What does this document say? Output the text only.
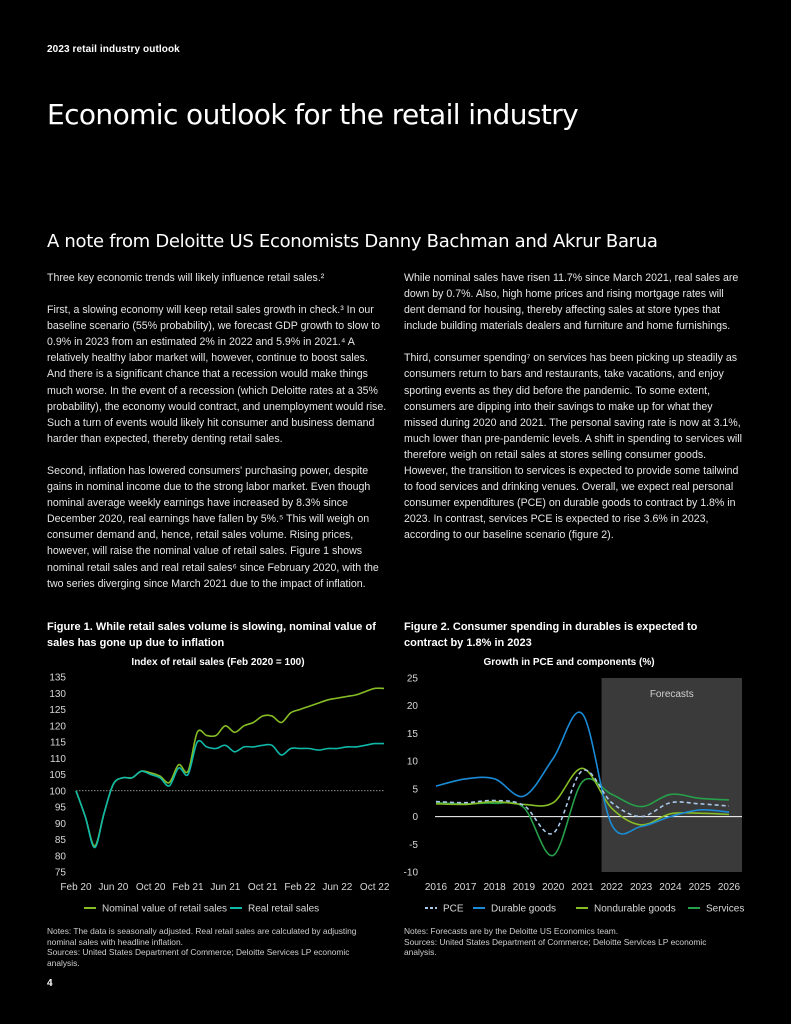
2023 retail industry outlook
Economic outlook for the retail industry
A note from Deloitte US Economists Danny Bachman and Akrur Barua

Three key economic trends will likely influence retail sales.²

First, a slowing economy will keep retail sales growth in check.³ In our baseline scenario (55% probability), we forecast GDP growth to slow to 0.9% in 2023 from an estimated 2% in 2022 and 5.9% in 2021.⁴ A relatively healthy labor market will, however, continue to boost sales. And there is a significant chance that a recession would make things much worse. In the event of a recession (which Deloitte rates at a 35% probability), the economy would contract, and unemployment would rise. Such a turn of events would likely hit consumer and business demand harder than expected, thereby denting retail sales.

Second, inflation has lowered consumers' purchasing power, despite gains in nominal income due to the strong labor market. Even though nominal average weekly earnings have increased by 8.3% since December 2020, real earnings have fallen by 5%.⁵ This will weigh on consumer demand and, hence, retail sales volume. Rising prices, however, will raise the nominal value of retail sales. Figure 1 shows nominal retail sales and real retail sales⁶ since February 2020, with the two series diverging since March 2021 due to the impact of inflation.

While nominal sales have risen 11.7% since March 2021, real sales are down by 0.7%. Also, high home prices and rising mortgage rates will dent demand for housing, thereby affecting sales at store types that include building materials dealers and furniture and home furnishings.

Third, consumer spending⁷ on services has been picking up steadily as consumers return to bars and restaurants, take vacations, and enjoy sporting events as they did before the pandemic. To some extent, consumers are dipping into their savings to make up for what they missed during 2020 and 2021. The personal saving rate is now at 3.1%, much lower than pre-pandemic levels. A shift in spending to services will therefore weigh on retail sales at stores selling consumer goods. However, the transition to services is expected to provide some tailwind to food services and drinking venues. Overall, we expect real personal consumer expenditures (PCE) on durable goods to contract by 1.8% in 2023. In contrast, services PCE is expected to rise 3.6% in 2023, according to our baseline scenario (figure 2).

Figure 1. While retail sales volume is slowing, nominal value of sales has gone up due to inflation
Index of retail sales (Feb 2020 = 100)
75
80
85
90
95
100
105
110
115
120
125
130
135
Feb 20 Jun 20 Oct 20 Feb 21 Jun 21 Oct 21 Feb 22 Jun 22 Oct 22
Nominal value of retail sales Real retail sales
Notes: The data is seasonally adjusted. Real retail sales are calculated by adjusting nominal sales with headline inflation.
Sources: United States Department of Commerce; Deloitte Services LP economic analysis.
Figure 2. Consumer spending in durables is expected to contract by 1.8% in 2023
Growth in PCE and components (%)
Forecasts
-10
-5
0
5
10
15
20
25
2016 2017 2018 2019 2020 2021 2022 2023 2024 2025 2026
PCE	Durable goods	Nondurable goods	Services
Notes: Forecasts are by the Deloitte US Economics team.
Sources: United States Department of Commerce; Deloitte Services LP economic analysis.
4
